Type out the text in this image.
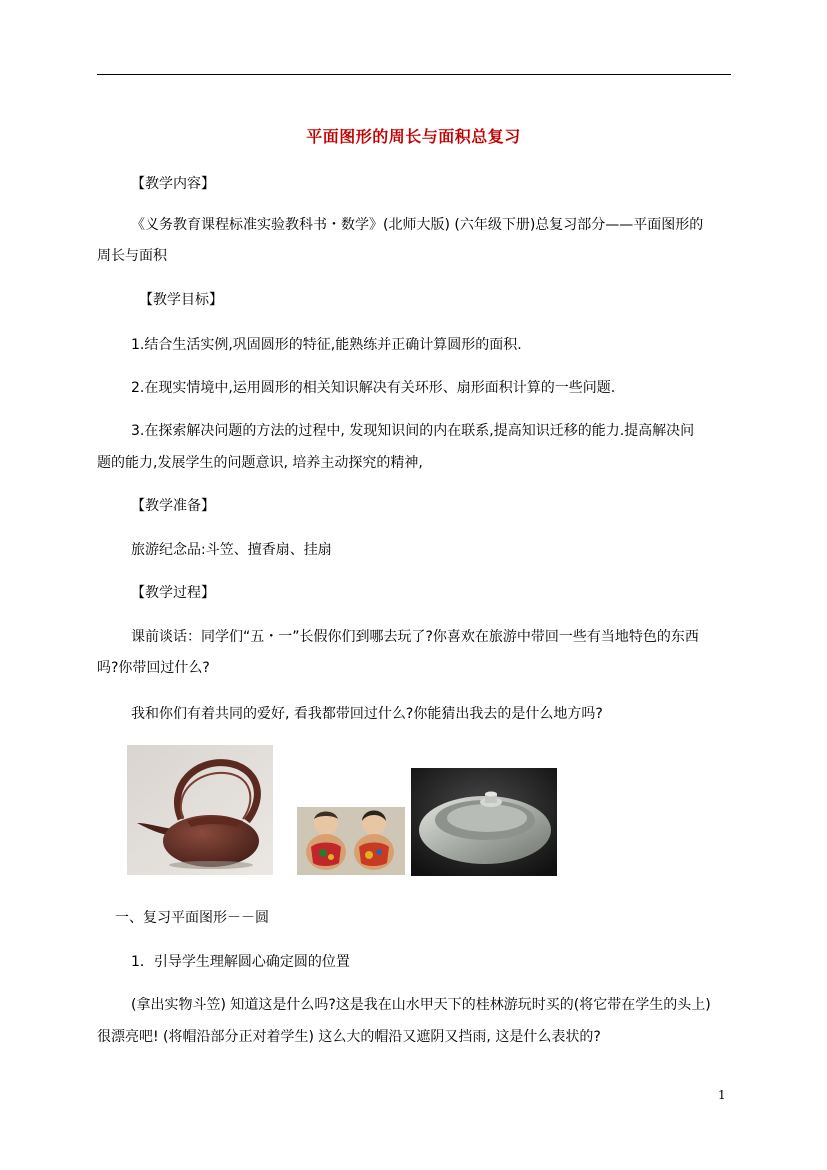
平面图形的周长与面积总复习
【教学内容】
《义务教育课程标准实验教科书・数学》(北师大版) (六年级下册)总复习部分——平面图形的
周长与面积
【教学目标】
1.结合生活实例,巩固圆形的特征,能熟练并正确计算圆形的面积.
2.在现实情境中,运用圆形的相关知识解决有关环形、扇形面积计算的一些问题.
3.在探索解决问题的方法的过程中, 发现知识间的内在联系,提高知识迁移的能力.提高解决问
题的能力,发展学生的问题意识, 培养主动探究的精神,
【教学准备】
旅游纪念品:斗笠、擅香扇、挂扇
【教学过程】
课前谈话：同学们“五・一”长假你们到哪去玩了?你喜欢在旅游中带回一些有当地特色的东西
吗?你带回过什么?
我和你们有着共同的爱好, 看我都带回过什么?你能猜出我去的是什么地方吗?
一、复习平面图形－－圆
1．引导学生理解圆心确定圆的位置
(拿出实物斗笠) 知道这是什么吗?这是我在山水甲天下的桂林游玩时买的(将它带在学生的头上)
很漂亮吧! (将帽沿部分正对着学生) 这么大的帽沿又遮阴又挡雨, 这是什么表状的?
1
